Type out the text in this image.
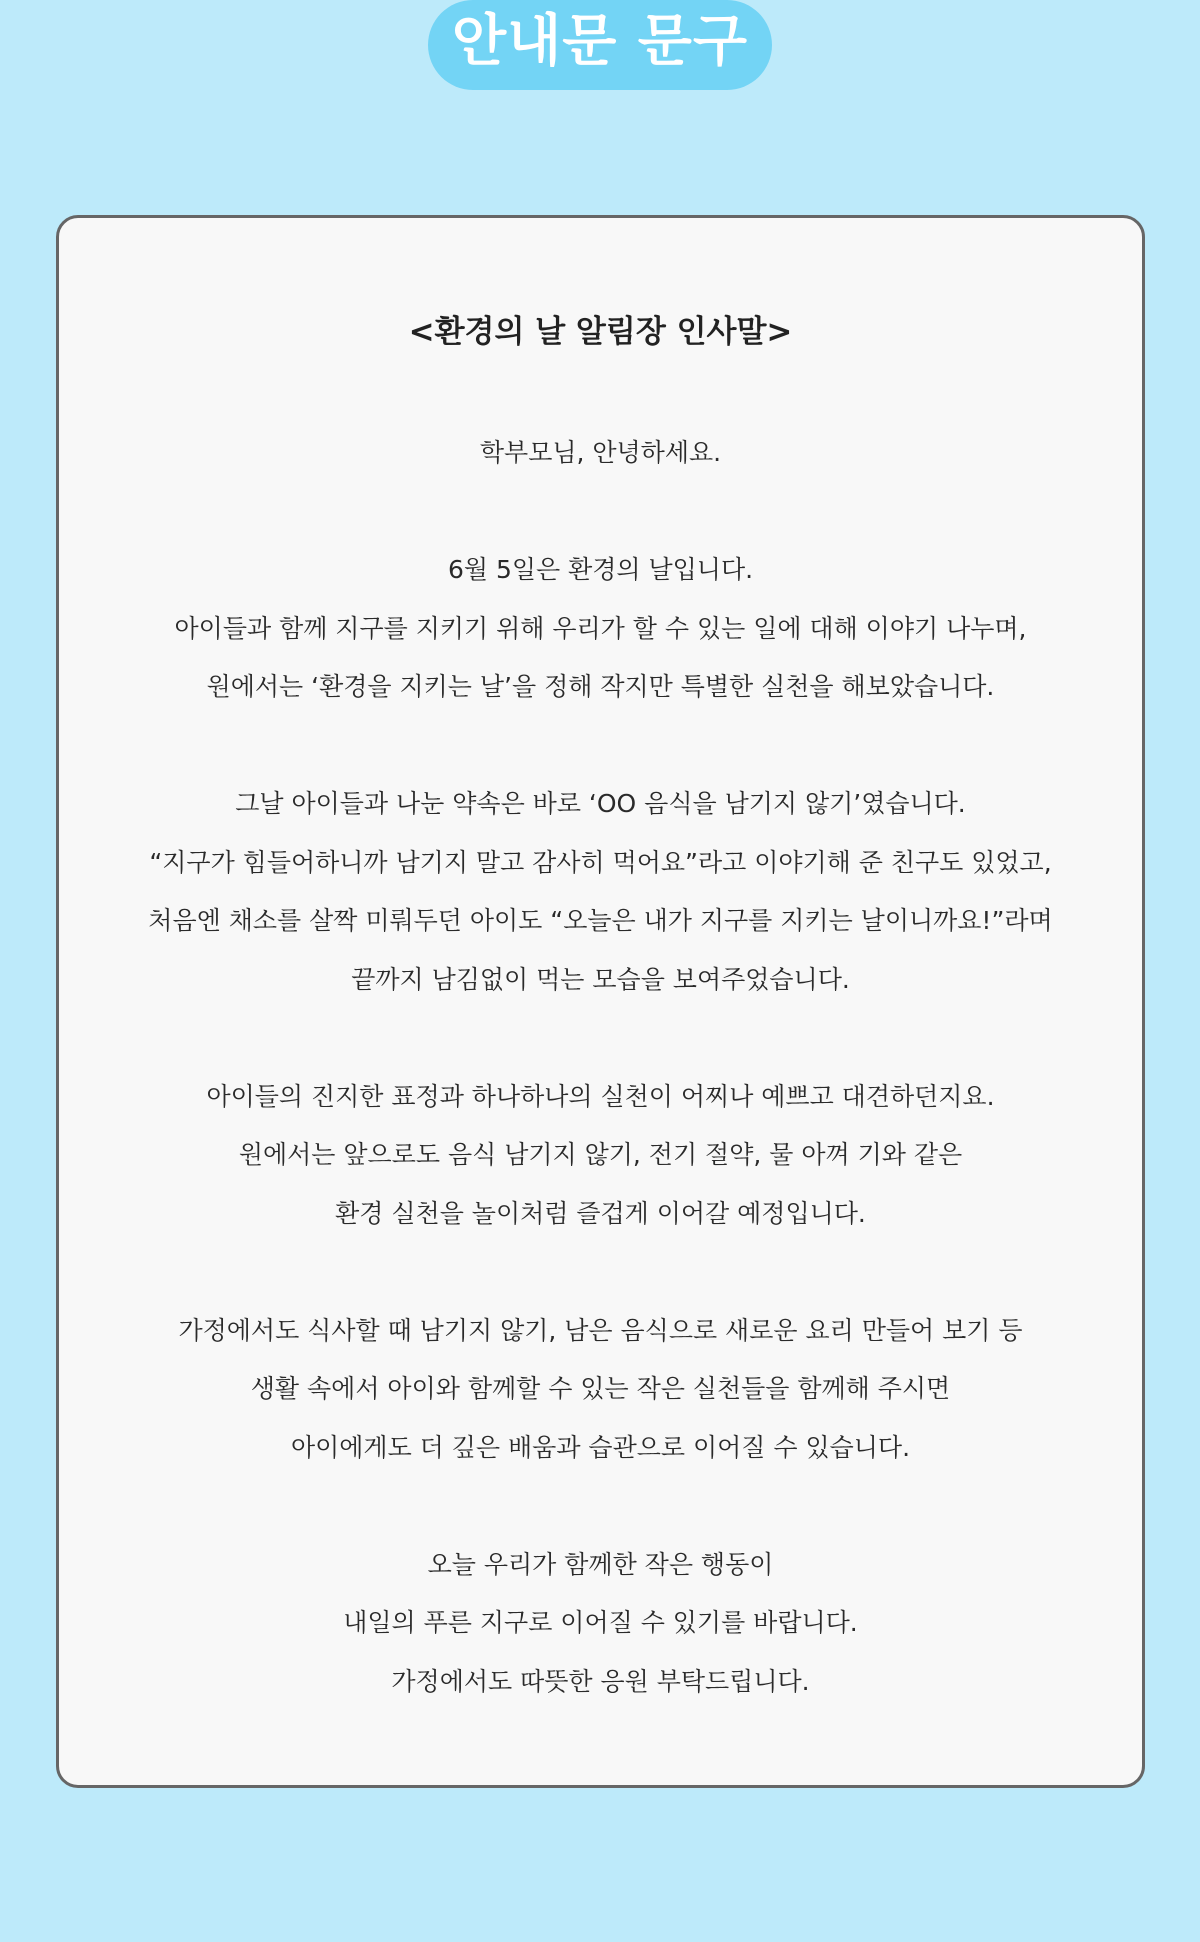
안내문 문구
<환경의 날 알림장 인사말>

학부모님, 안녕하세요.

6월 5일은 환경의 날입니다.
아이들과 함께 지구를 지키기 위해 우리가 할 수 있는 일에 대해 이야기 나누며,
원에서는 ‘환경을 지키는 날’을 정해 작지만 특별한 실천을 해보았습니다.

그날 아이들과 나눈 약속은 바로 ‘OO 음식을 남기지 않기’였습니다.
“지구가 힘들어하니까 남기지 말고 감사히 먹어요”라고 이야기해 준 친구도 있었고,
처음엔 채소를 살짝 미뤄두던 아이도 “오늘은 내가 지구를 지키는 날이니까요!”라며
끝까지 남김없이 먹는 모습을 보여주었습니다.

아이들의 진지한 표정과 하나하나의 실천이 어찌나 예쁘고 대견하던지요.
원에서는 앞으로도 음식 남기지 않기, 전기 절약, 물 아껴 기와 같은
환경 실천을 놀이처럼 즐겁게 이어갈 예정입니다.

가정에서도 식사할 때 남기지 않기, 남은 음식으로 새로운 요리 만들어 보기 등
생활 속에서 아이와 함께할 수 있는 작은 실천들을 함께해 주시면
아이에게도 더 깊은 배움과 습관으로 이어질 수 있습니다.

오늘 우리가 함께한 작은 행동이
내일의 푸른 지구로 이어질 수 있기를 바랍니다.
가정에서도 따뜻한 응원 부탁드립니다.
